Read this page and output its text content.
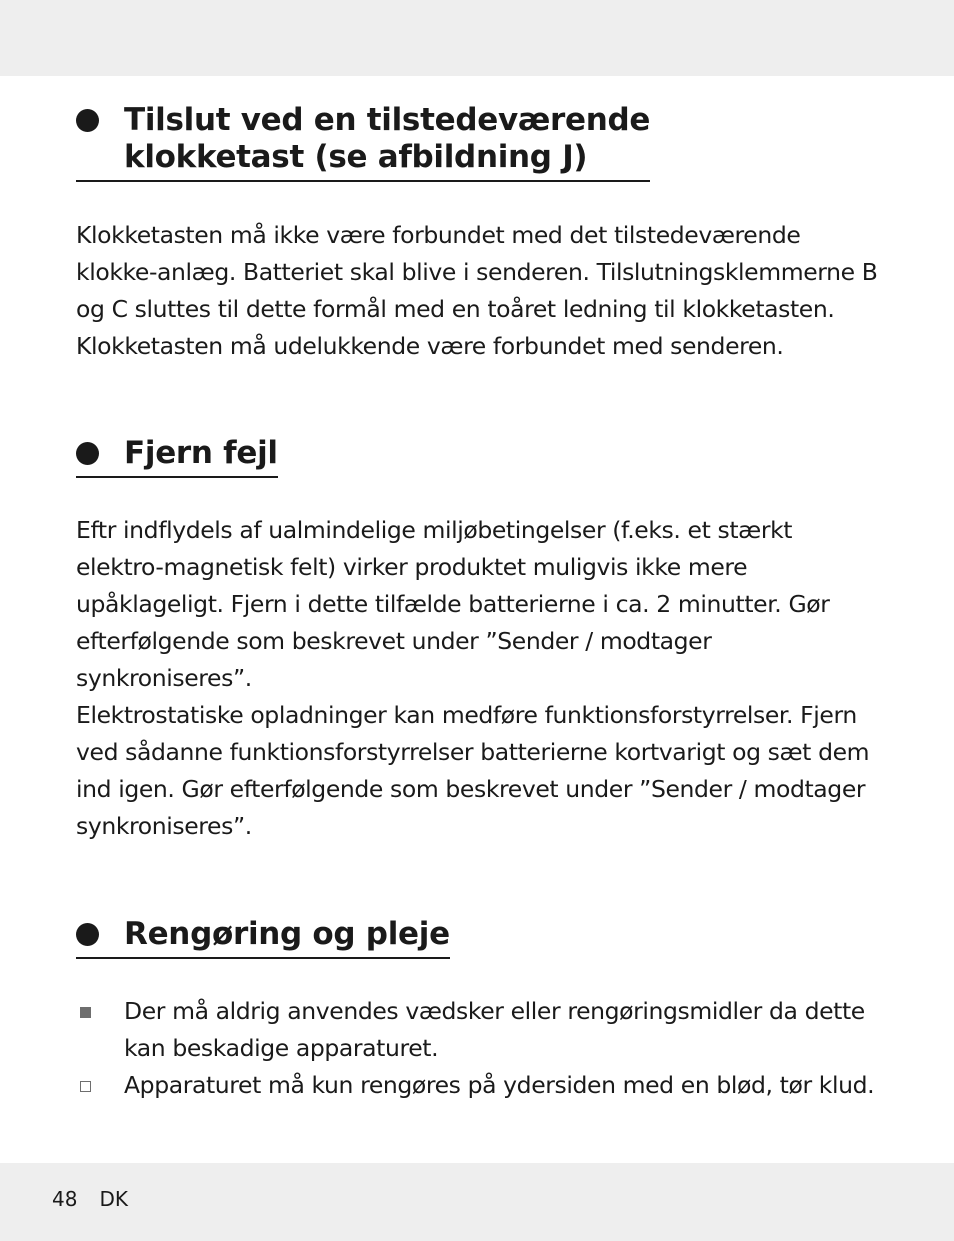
Tilslut ved en tilstedeværende
klokketast (se afbildning J)

Klokketasten må ikke være forbundet med det tilstedeværende klokke-anlæg. Batteriet skal blive i senderen. Tilslutningsklemmerne B og C sluttes til dette formål med en toåret ledning til klokketasten. Klokketasten må udelukkende være forbundet med senderen.

Fjern fejl

Eftr indflydels af ualmindelige miljøbetingelser (f.eks. et stærkt elektro-magnetisk felt) virker produktet muligvis ikke mere upåklageligt. Fjern i dette tilfælde batterierne i ca. 2 minutter. Gør efterfølgende som beskrevet under ”Sender / modtager synkroniseres”.

Elektrostatiske opladninger kan medføre funktionsforstyrrelser. Fjern ved sådanne funktionsforstyrrelser batterierne kortvarigt og sæt dem ind igen. Gør efterfølgende som beskrevet under ”Sender / modtager synkroniseres”.

Rengøring og pleje
Der må aldrig anvendes vædsker eller rengøringsmidler da dette kan beskadige apparaturet.
Apparaturet må kun rengøres på ydersiden med en blød, tør klud.
48 DK
